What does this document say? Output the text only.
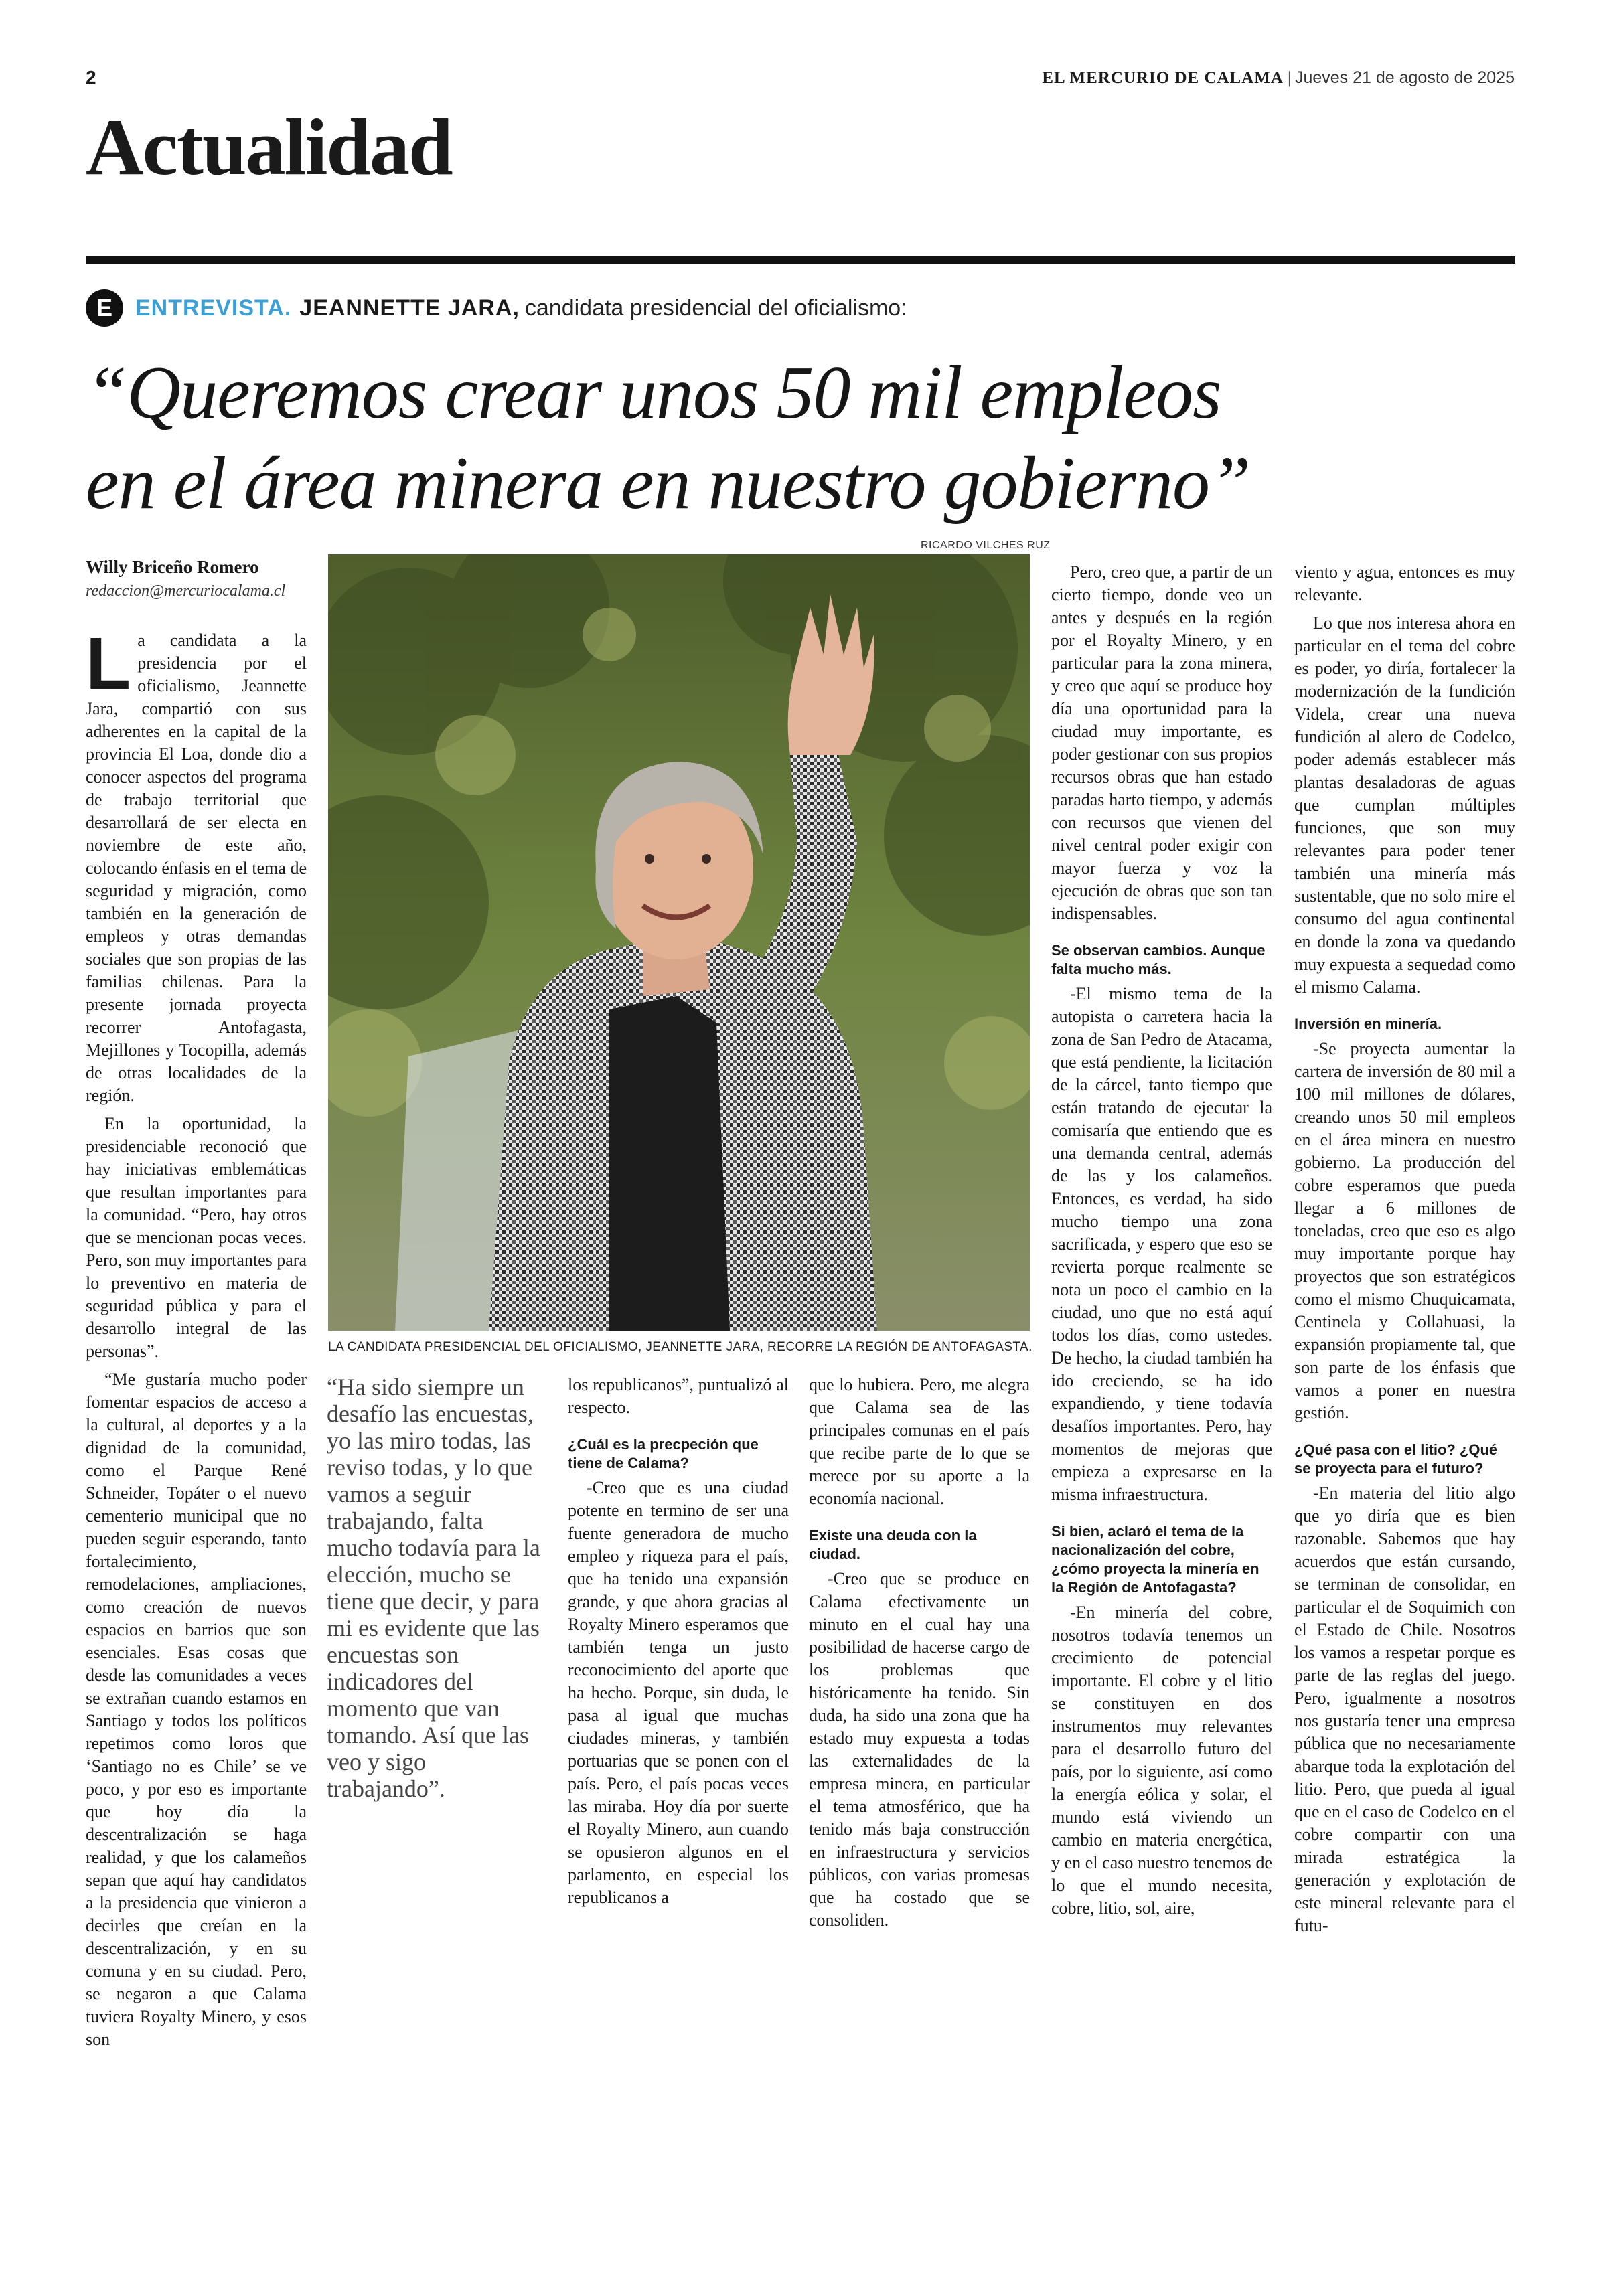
2	EL MERCURIO DE CALAMA | Jueves 21 de agosto de 2025
Actualidad
E	ENTREVISTA. JEANNETTE JARA, candidata presidencial del oficialismo:
“Queremos crear unos 50 mil empleos
en el área minera en nuestro gobierno”
Willy Briceño Romero
redaccion@mercuriocalama.cl
RICARDO VILCHES RUZ
LA CANDIDATA PRESIDENCIAL DEL OFICIALISMO, JEANNETTE JARA, RECORRE LA REGIÓN DE ANTOFAGASTA.
“Ha sido siempre un desafío las encuestas, yo las miro todas, las reviso todas, y lo que vamos a seguir trabajando, falta mucho todavía para la elección, mucho se tiene que decir, y para mi es evidente que las encuestas son indicadores del momento que van tomando. Así que las veo y sigo trabajando”.

La candidata a la presidencia por el oficialismo, Jeannette Jara, compartió con sus adherentes en la capital de la provincia El Loa, donde dio a conocer aspectos del programa de trabajo territorial que desarrollará de ser electa en noviembre de este año, colocando énfasis en el tema de seguridad y migración, como también en la generación de empleos y otras demandas sociales que son propias de las familias chilenas. Para la presente jornada proyecta recorrer Antofagasta, Mejillones y Tocopilla, además de otras localidades de la región.

En la oportunidad, la presidenciable reconoció que hay iniciativas emblemáticas que resultan importantes para la comunidad. “Pero, hay otros que se mencionan pocas veces. Pero, son muy importantes para lo preventivo en materia de seguridad pública y para el desarrollo integral de las personas”.

“Me gustaría mucho poder fomentar espacios de acceso a la cultural, al deportes y a la dignidad de la comunidad, como el Parque René Schneider, Topáter o el nuevo cementerio municipal que no pueden seguir esperando, tanto fortalecimiento, remodelaciones, ampliaciones, como creación de nuevos espacios en barrios que son esenciales. Esas cosas que desde las comunidades a veces se extrañan cuando estamos en Santiago y todos los políticos repetimos como loros que ‘Santiago no es Chile’ se ve poco, y por eso es importante que hoy día la descentralización se haga realidad, y que los calameños sepan que aquí hay candidatos a la presidencia que vinieron a decirles que creían en la descentralización, y en su comuna y en su ciudad. Pero, se negaron a que Calama tuviera Royalty Minero, y esos son

los republicanos”, puntualizó al respecto.

¿Cuál es la precpeción que tiene de Calama?

-Creo que es una ciudad potente en termino de ser una fuente generadora de mucho empleo y riqueza para el país, que ha tenido una expansión grande, y que ahora gracias al Royalty Minero esperamos que también tenga un justo reconocimiento del aporte que ha hecho. Porque, sin duda, le pasa al igual que muchas ciudades mineras, y también portuarias que se ponen con el país. Pero, el país pocas veces las miraba. Hoy día por suerte el Royalty Minero, aun cuando se opusieron algunos en el parlamento, en especial los republicanos a

que lo hubiera. Pero, me alegra que Calama sea de las principales comunas en el país que recibe parte de lo que se merece por su aporte a la economía nacional.

Existe una deuda con la ciudad.

-Creo que se produce en Calama efectivamente un minuto en el cual hay una posibilidad de hacerse cargo de los problemas que históricamente ha tenido. Sin duda, ha sido una zona que ha estado muy expuesta a todas las externalidades de la empresa minera, en particular el tema atmosférico, que ha tenido más baja construcción en infraestructura y servicios públicos, con varias promesas que ha costado que se consoliden.

Pero, creo que, a partir de un cierto tiempo, donde veo un antes y después en la región por el Royalty Minero, y en particular para la zona minera, y creo que aquí se produce hoy día una oportunidad para la ciudad muy importante, es poder gestionar con sus propios recursos obras que han estado paradas harto tiempo, y además con recursos que vienen del nivel central poder exigir con mayor fuerza y voz la ejecución de obras que son tan indispensables.

Se observan cambios. Aunque falta mucho más.

-El mismo tema de la autopista o carretera hacia la zona de San Pedro de Atacama, que está pendiente, la licitación de la cárcel, tanto tiempo que están tratando de ejecutar la comisaría que entiendo que es una demanda central, además de las y los calameños. Entonces, es verdad, ha sido mucho tiempo una zona sacrificada, y espero que eso se revierta porque realmente se nota un poco el cambio en la ciudad, uno que no está aquí todos los días, como ustedes. De hecho, la ciudad también ha ido creciendo, se ha ido expandiendo, y tiene todavía desafíos importantes. Pero, hay momentos de mejoras que empieza a expresarse en la misma infraestructura.

Si bien, aclaró el tema de la nacionalización del cobre, ¿cómo proyecta la minería en la Región de Antofagasta?

-En minería del cobre, nosotros todavía tenemos un crecimiento de potencial importante. El cobre y el litio se constituyen en dos instrumentos muy relevantes para el desarrollo futuro del país, por lo siguiente, así como la energía eólica y solar, el mundo está viviendo un cambio en materia energética, y en el caso nuestro tenemos de lo que el mundo necesita, cobre, litio, sol, aire,

viento y agua, entonces es muy relevante.

Lo que nos interesa ahora en particular en el tema del cobre es poder, yo diría, fortalecer la modernización de la fundición Videla, crear una nueva fundición al alero de Codelco, poder además establecer más plantas desaladoras de aguas que cumplan múltiples funciones, que son muy relevantes para poder tener también una minería más sustentable, que no solo mire el consumo del agua continental en donde la zona va quedando muy expuesta a sequedad como el mismo Calama.

Inversión en minería.

-Se proyecta aumentar la cartera de inversión de 80 mil a 100 mil millones de dólares, creando unos 50 mil empleos en el área minera en nuestro gobierno. La producción del cobre esperamos que pueda llegar a 6 millones de toneladas, creo que eso es algo muy importante porque hay proyectos que son estratégicos como el mismo Chuquicamata, Centinela y Collahuasi, la expansión propiamente tal, que son parte de los énfasis que vamos a poner en nuestra gestión.

¿Qué pasa con el litio? ¿Qué se proyecta para el futuro?

-En materia del litio algo que yo diría que es bien razonable. Sabemos que hay acuerdos que están cursando, se terminan de consolidar, en particular el de Soquimich con el Estado de Chile. Nosotros los vamos a respetar porque es parte de las reglas del juego. Pero, igualmente a nosotros nos gustaría tener una empresa pública que no necesariamente abarque toda la explotación del litio. Pero, que pueda al igual que en el caso de Codelco en el cobre compartir con una mirada estratégica la generación y explotación de este mineral relevante para el futu-
